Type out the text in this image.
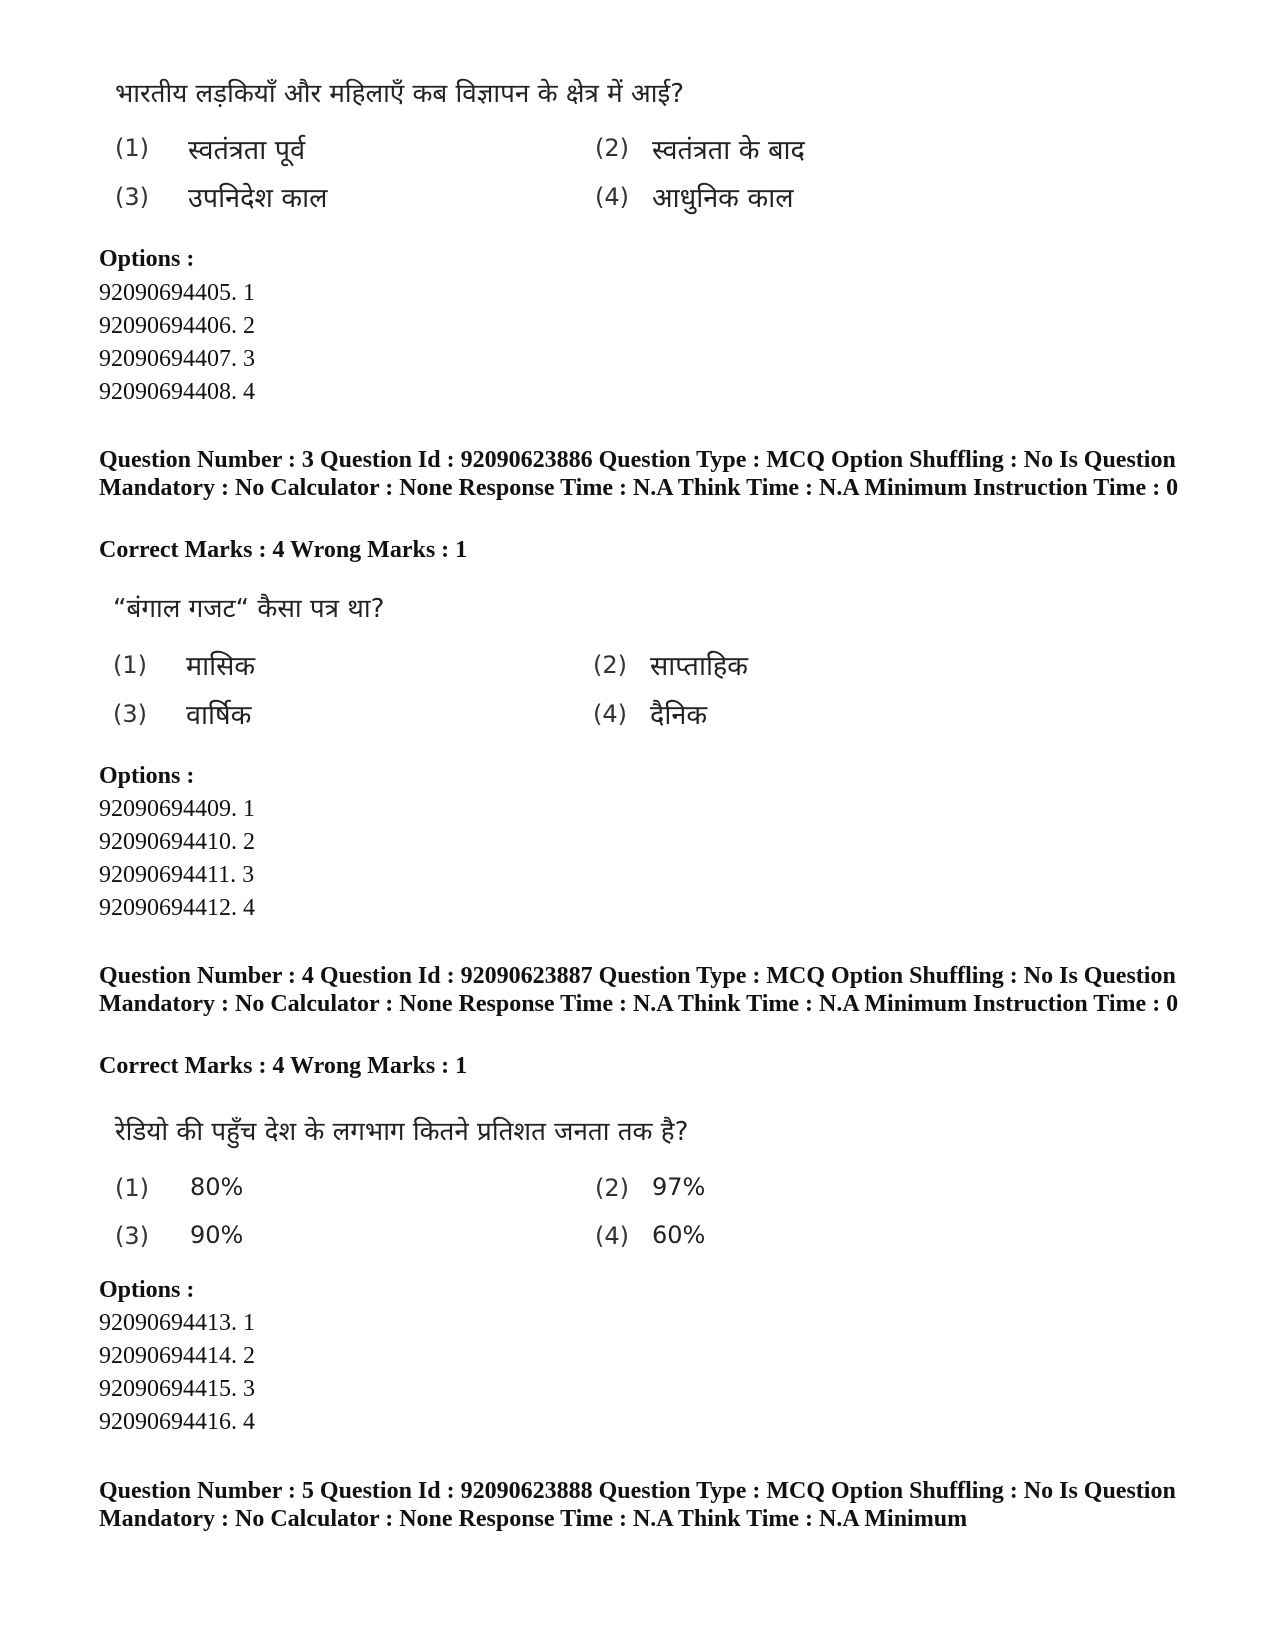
भारतीय लड़कियाँ और महिलाएँ कब विज्ञापन के क्षेत्र में आई?
(1) स्वतंत्रता पूर्व	(2) स्वतंत्रता के बाद
(3) उपनिदेश काल	(4) आधुनिक काल
Options :
92090694405. 1
92090694406. 2
92090694407. 3
92090694408. 4
Question Number : 3 Question Id : 92090623886 Question Type : MCQ Option Shuffling : No Is Question Mandatory : No Calculator : None Response Time : N.A Think Time : N.A Minimum Instruction Time : 0
Correct Marks : 4 Wrong Marks : 1
“बंगाल गजट“ कैसा पत्र था?
(1) मासिक	(2) साप्ताहिक
(3) वार्षिक	(4) दैनिक
Options :
92090694409. 1
92090694410. 2
92090694411. 3
92090694412. 4
Question Number : 4 Question Id : 92090623887 Question Type : MCQ Option Shuffling : No Is Question Mandatory : No Calculator : None Response Time : N.A Think Time : N.A Minimum Instruction Time : 0
Correct Marks : 4 Wrong Marks : 1
रेडियो की पहुँच देश के लगभाग कितने प्रतिशत जनता तक है?
(1) 80%	(2) 97%
(3) 90%	(4) 60%
Options :
92090694413. 1
92090694414. 2
92090694415. 3
92090694416. 4
Question Number : 5 Question Id : 92090623888 Question Type : MCQ Option Shuffling : No Is Question Mandatory : No Calculator : None Response Time : N.A Think Time : N.A Minimum
